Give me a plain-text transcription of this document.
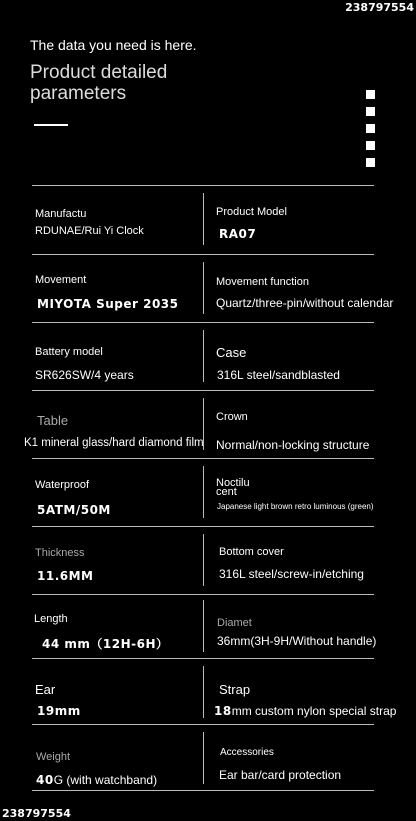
238797554
238797554
The data you need is here.
Product detailed parameters
Manufactu
RDUNAE/Rui Yi Clock
Product Model
RA07
Movement
MIYOTA Super 2035
Movement function
Quartz/three-pin/without calendar
Battery model
SR626SW/4 years
Case
316L steel/sandblasted
Table
K1 mineral glass/hard diamond film
Crown
Normal/non-locking structure
Waterproof
5ATM/50M
Noctilu cent
Japanese light brown retro luminous (green)
Thickness
11.6MM
Bottom cover
316L steel/screw-in/etching
Length
44 mm（12H-6H）
Diamet
36mm(3H-9H/Without handle)
Ear
19mm
Strap
18mm custom nylon special strap
Weight
40G (with watchband)
Accessories
Ear bar/card protection
